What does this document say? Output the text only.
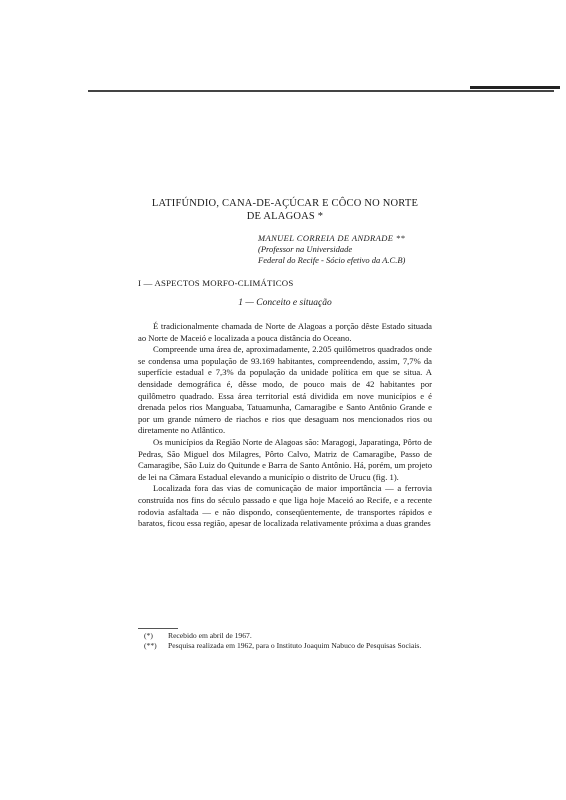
LATIFÚNDIO, CANA-DE-AÇÚCAR E CÔCO NO NORTE
DE ALAGOAS *
MANUEL CORREIA DE ANDRADE **
(Professor na Universidade
Federal do Recife - Sócio efetivo da A.C.B)
I — ASPECTOS MORFO-CLIMÁTICOS
1 — Conceito e situação

É tradicionalmente chamada de Norte de Alagoas a porção dêste Estado situada ao Norte de Maceió e localizada a pouca distância do Oceano.

Compreende uma área de, aproximadamente, 2.205 quilômetros quadrados onde se condensa uma população de 93.169 habitantes, compreendendo, assim, 7,7% da superfície estadual e 7,3% da população da unidade política em que se situa. A densidade demográfica é, dêsse modo, de pouco mais de 42 habitantes por quilômetro quadrado. Essa área territorial está dividida em nove municípios e é drenada pelos rios Manguaba, Tatuamunha, Camaragibe e Santo Antônio Grande e por um grande número de riachos e rios que desaguam nos mencionados rios ou diretamente no Atlântico.

Os municípios da Região Norte de Alagoas são: Maragogi, Japaratinga, Pôrto de Pedras, São Miguel dos Milagres, Pôrto Calvo, Matriz de Camaragibe, Passo de Camaragibe, São Luiz do Quitunde e Barra de Santo Antônio. Há, porém, um projeto de lei na Câmara Estadual elevando a município o distrito de Urucu (fig. 1).

Localizada fora das vias de comunicação de maior importância — a ferrovia construída nos fins do século passado e que liga hoje Maceió ao Recife, e a recente rodovia asfaltada — e não dispondo, conseqüentemente, de transportes rápidos e baratos, ficou essa região, apesar de localizada relativamente próxima a duas grandes

(*)	Recebido em abril de 1967.
(**)	Pesquisa realizada em 1962, para o Instituto Joaquim Nabuco de Pesquisas Sociais.
